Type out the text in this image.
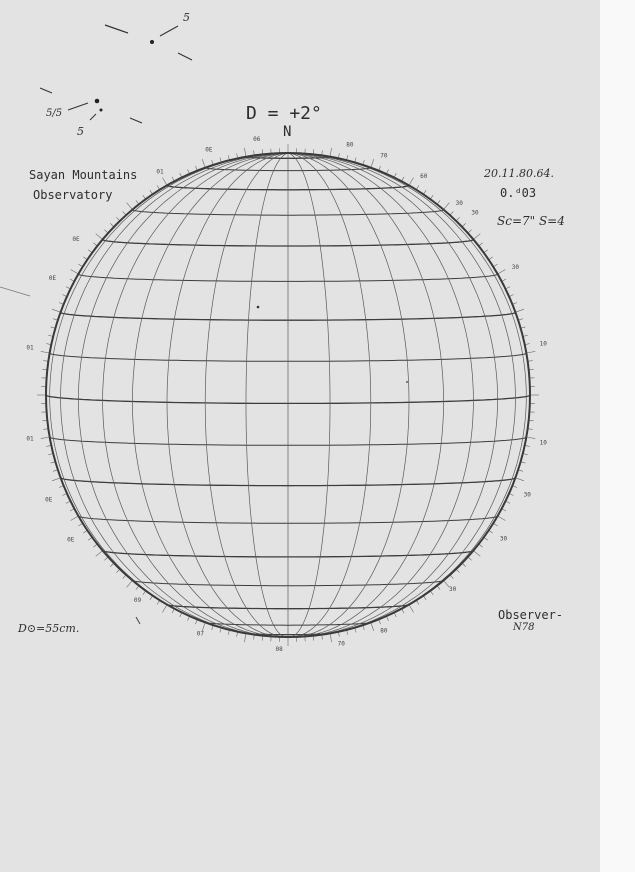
30
30
10
10
30
30
0E
0E
01
01
0E
0E
01
0E
06
80
70
60
30
09
07
08
70
80
30
D = +2°
N
Sayan Mountains
Observatory
20.11.80.64.
0.ᵈ03
Sc=7" S=4
D⊙=55cm.
Observer-
N78
5/5
5
5
